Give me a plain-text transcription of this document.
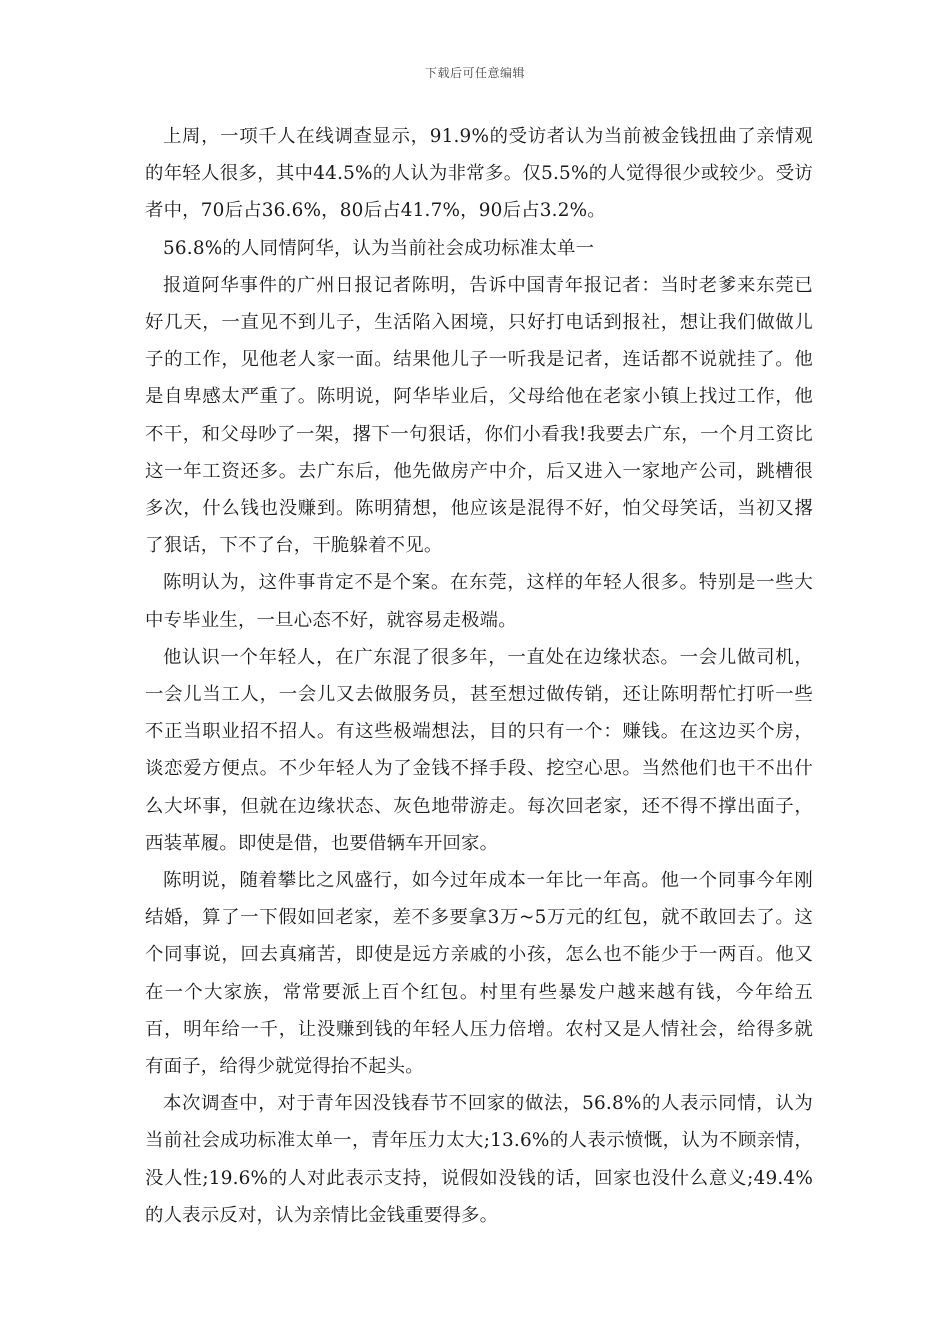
下载后可任意编辑

上周，一项千人在线调查显示，91.9%的受访者认为当前被金钱扭曲了亲情观的年轻人很多，其中44.5%的人认为非常多。仅5.5%的人觉得很少或较少。受访者中，70后占36.6%，80后占41.7%，90后占3.2%。

56.8%的人同情阿华，认为当前社会成功标准太单一

报道阿华事件的广州日报记者陈明，告诉中国青年报记者：当时老爹来东莞已好几天，一直见不到儿子，生活陷入困境，只好打电话到报社，想让我们做做儿子的工作，见他老人家一面。结果他儿子一听我是记者，连话都不说就挂了。他是自卑感太严重了。陈明说，阿华毕业后，父母给他在老家小镇上找过工作，他不干，和父母吵了一架，撂下一句狠话，你们小看我!我要去广东，一个月工资比这一年工资还多。去广东后，他先做房产中介，后又进入一家地产公司，跳槽很多次，什么钱也没赚到。陈明猜想，他应该是混得不好，怕父母笑话，当初又撂了狠话，下不了台，干脆躲着不见。

陈明认为，这件事肯定不是个案。在东莞，这样的年轻人很多。特别是一些大中专毕业生，一旦心态不好，就容易走极端。

他认识一个年轻人，在广东混了很多年，一直处在边缘状态。一会儿做司机，一会儿当工人，一会儿又去做服务员，甚至想过做传销，还让陈明帮忙打听一些不正当职业招不招人。有这些极端想法，目的只有一个：赚钱。在这边买个房，谈恋爱方便点。不少年轻人为了金钱不择手段、挖空心思。当然他们也干不出什么大坏事，但就在边缘状态、灰色地带游走。每次回老家，还不得不撑出面子，西装革履。即使是借，也要借辆车开回家。

陈明说，随着攀比之风盛行，如今过年成本一年比一年高。他一个同事今年刚结婚，算了一下假如回老家，差不多要拿3万~5万元的红包，就不敢回去了。这个同事说，回去真痛苦，即使是远方亲戚的小孩，怎么也不能少于一两百。他又在一个大家族，常常要派上百个红包。村里有些暴发户越来越有钱，今年给五百，明年给一千，让没赚到钱的年轻人压力倍增。农村又是人情社会，给得多就有面子，给得少就觉得抬不起头。

本次调查中，对于青年因没钱春节不回家的做法，56.8%的人表示同情，认为当前社会成功标准太单一，青年压力太大;13.6%的人表示愤慨，认为不顾亲情，没人性;19.6%的人对此表示支持，说假如没钱的话，回家也没什么意义;49.4%的人表示反对，认为亲情比金钱重要得多。
